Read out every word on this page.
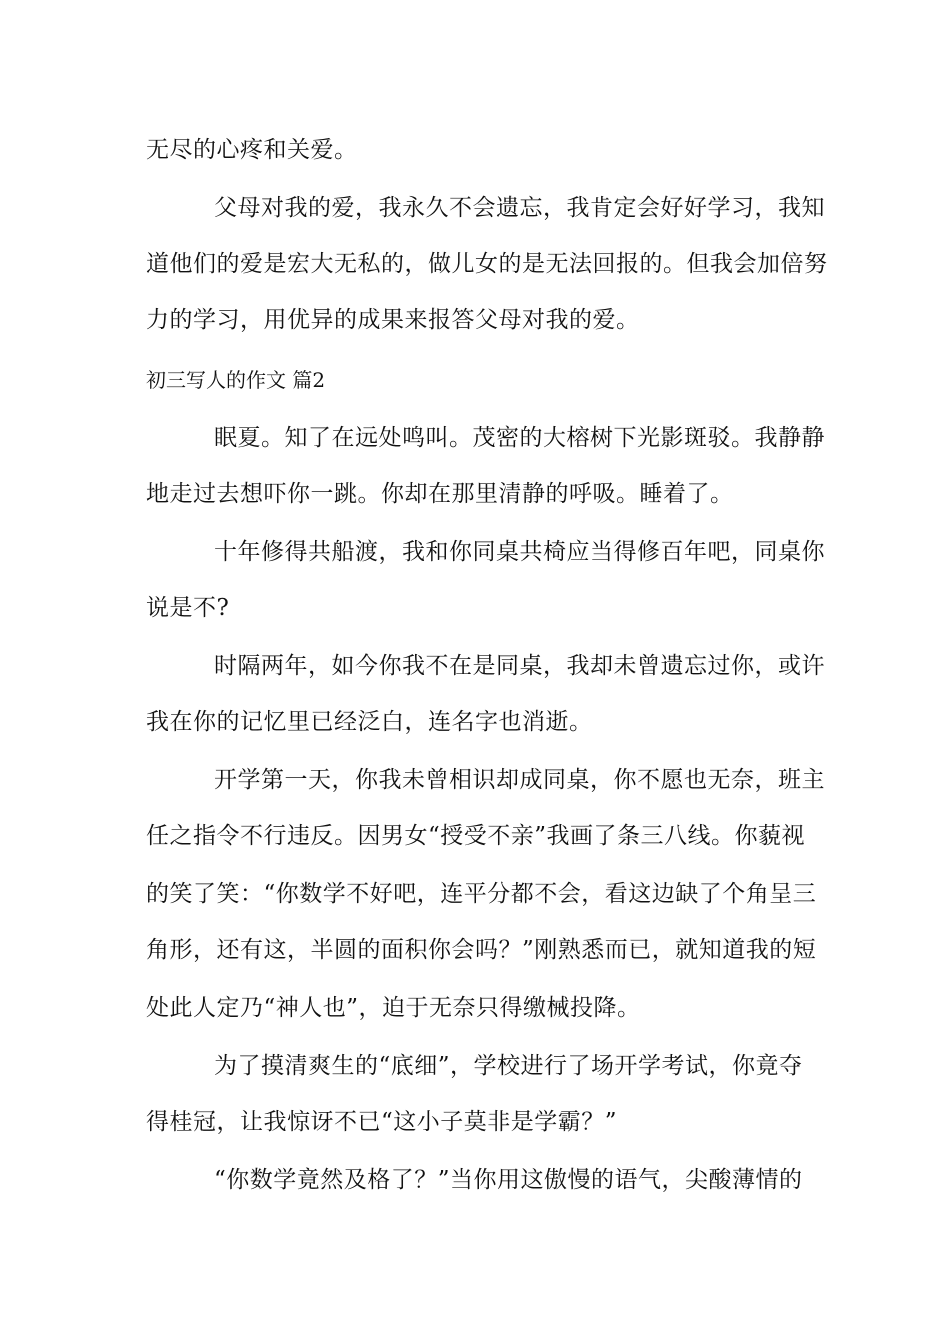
无尽的心疼和关爱。
父母对我的爱，我永久不会遗忘，我肯定会好好学习，我知
道他们的爱是宏大无私的，做儿女的是无法回报的。但我会加倍努
力的学习，用优异的成果来报答父母对我的爱。
初三写人的作文 篇2
眠夏。知了在远处鸣叫。茂密的大榕树下光影斑驳。我静静
地走过去想吓你一跳。你却在那里清静的呼吸。睡着了。
十年修得共船渡，我和你同桌共椅应当得修百年吧，同桌你
说是不?
时隔两年，如今你我不在是同桌，我却未曾遗忘过你，或许
我在你的记忆里已经泛白，连名字也消逝。
开学第一天，你我未曾相识却成同桌，你不愿也无奈，班主
任之指令不行违反。因男女“授受不亲”我画了条三八线。你藐视
的笑了笑：“你数学不好吧，连平分都不会，看这边缺了个角呈三
角形，还有这，半圆的面积你会吗？”刚熟悉而已，就知道我的短
处此人定乃“神人也”，迫于无奈只得缴械投降。
为了摸清爽生的“底细”，学校进行了场开学考试，你竟夺
得桂冠，让我惊讶不已“这小子莫非是学霸？”
“你数学竟然及格了？”当你用这傲慢的语气，尖酸薄情的
